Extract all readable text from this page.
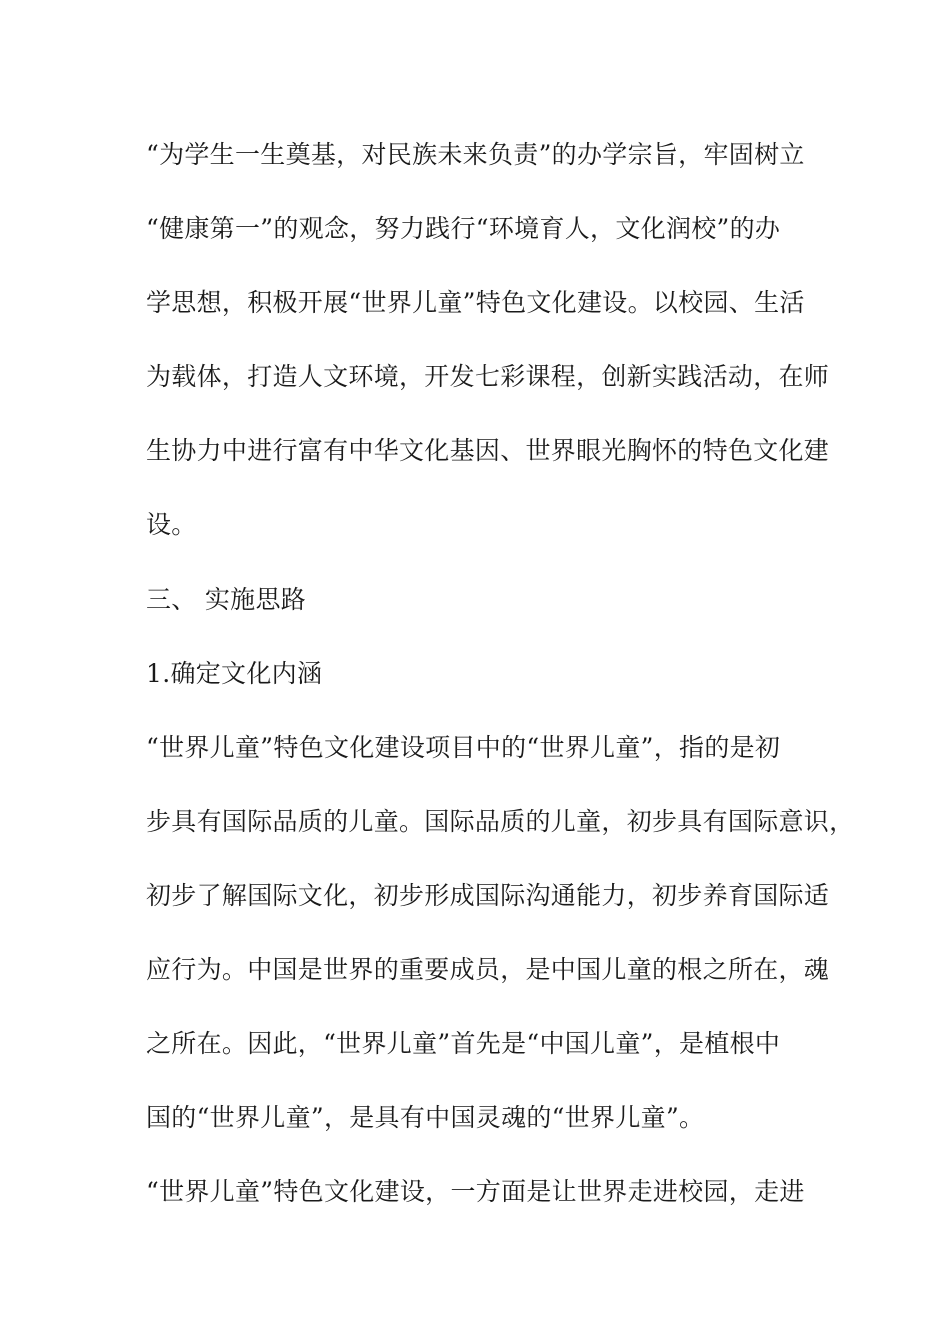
“为学生一生奠基，对民族未来负责”的办学宗旨，牢固树立
“健康第一”的观念，努力践行“环境育人，文化润校”的办
学思想，积极开展“世界儿童”特色文化建设。以校园、生活
为载体，打造人文环境，开发七彩课程，创新实践活动，在师
生协力中进行富有中华文化基因、世界眼光胸怀的特色文化建
设。
三、 实施思路
1.确定文化内涵
“世界儿童”特色文化建设项目中的“世界儿童”，指的是初
步具有国际品质的儿童。国际品质的儿童，初步具有国际意识，
初步了解国际文化，初步形成国际沟通能力，初步养育国际适
应行为。中国是世界的重要成员，是中国儿童的根之所在，魂
之所在。因此，“世界儿童”首先是“中国儿童”，是植根中
国的“世界儿童”，是具有中国灵魂的“世界儿童”。
“世界儿童”特色文化建设，一方面是让世界走进校园，走进
